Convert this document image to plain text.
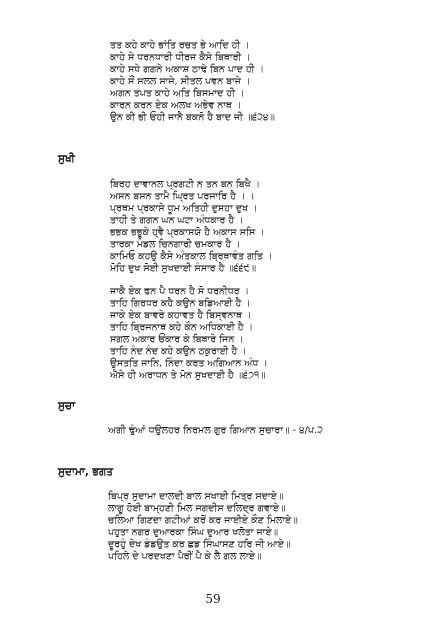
ਤਤ ਕਹੇ ਕਾਹੇ ਭਾਂਤਿ ਰਚਤ ਭੇ ਆਦਿ ਹੀ ।
ਕਾਹੇ ਸੇ ਧਰਨਧਾਰੀ ਧੀਰਜ ਕੈਸੇ ਬਿਥਾਰੀ ।
ਕਾਹੇ ਸਧੇ ਗਗਨੇ ਅਕਾਸ਼ ਠਾਢੇ ਬਿਨ ਪਾਦ ਹੀ ।
ਕਾਹੇ ਸੌਂ ਸਲਲ ਸਾਜੇ, ਸੀਤਲ ਪਵਨ ਬਾਜੇ ।
ਅਗਨ ਤਪਤ ਕਾਹੇ ਅਤਿ ਬਿਸਮਾਦ ਹੀ ।
ਕਾਰਨ ਕਰਨ ਏਕ ਅਲਖ ਅਭੇਵ ਨਾਥ ।
ਉਨ ਕੀ ਭੀ ਓਹੀ ਜਾਨੈ ਬਕਨੋ ਹੈ ਬਾਦ ਜੀ ॥੬੨੪॥
ਸੁਖੀ
ਬਿਰਹ ਦਾਵਾਨਲ ਪ੍ਰਗਟੀ ਨ ਤਨ ਬਨ ਬਿਖੈ ।
ਅਸਨ ਬਸਨ ਤਾਮੈ ਘ੍ਰਿਤ ਪਰਜਾਰਿ ਹੈ । ।
ਪ੍ਰਥਮ ਪ੍ਰਕਾਸੇ ਧੂਮ ਅਤਿਹੀ ਦੁਸਹਾ ਦੁਖ ।
ਤਾਹੀ ਤੇ ਗਗਨ ਘਨ ਘਟਾ ਅੰਧਕਾਰ ਹੈ ।
ਭਭਕ ਭਭੂਕੇ ਹ੍ਵੈ ਪ੍ਰਕਾਸਯੋ ਹੈ ਅਕਾਸ ਸਸਿ ।
ਤਾਰਕਾ ਮੰਡਲ ਚਿਨਗਾਰੀ ਚਮਕਾਰ ਹੈ ।
ਕਾਮਿਓ ਕਹਉ ਕੈਸੇ ਅੰਤਕਾਲ ਬ੍ਰਿਥਾਵੰਤ ਗਤਿ ।
ਮੋਹਿ ਦੁਖ ਸੋਈ ਸੁਖਦਾਈ ਸੰਸਾਰ ਹੈ ॥੬੬੯॥
ਜਾਕੈ ਏਕ ਫਨ ਪੈ ਧਰਨ ਹੈ ਸੋ ਧਰਨੀਧਰ ।
ਤਾਹਿ ਗਿਰਧਰ ਕਹੈ ਕਉਨ ਬਡਿਆਈ ਹੈ ।
ਜਾਕੇ ਏਕ ਬਾਵਰੇ ਕਹਾਵਤ ਹੈ ਬਿਸ੍ਵਨਾਥ ।
ਤਾਹਿ ਬ੍ਰਿਜਨਾਥ ਕਹੇ ਕੌਨ ਅਧਿਕਾਈ ਹੈ ।
ਸਗਲ ਅਕਾਰ ਓਂਕਾਰ ਕੇ ਬਿਥਾਰੇ ਜਿਨ ।
ਤਾਹਿ ਨੰਦ ਨੰਦ ਕਹੇ ਕਉਨ ਠਕੁਰਾਈ ਹੈ ।
ਉਸਤਤਿ ਜਾਨਿ, ਨਿੰਦਾ ਕਰਤ ਅਗਿਆਨ ਅੰਧ ।
ਐਸੇ ਹੀ ਅਰਾਧਨ ਤੇ ਮੋਨ ਸੁਖਦਾਈ ਹੈ ॥੬੭੧॥
ਸੁਚਾ
ਅਗੀ ਢੁੰਆਂ ਧਉਲਹਰ ਨਿਰਮਲ ਗੁਰ ਗਿਆਨ ਸੁਚਾਰਾ॥ - ੪/ਪ.੨
ਸੁਦਾਮਾ, ਭਗਤ
ਬਿਪ੍ਰ ਸੁਦਾਮਾ ਦਾਲਦੀ ਬਾਲ ਸਖਾਈ ਮਿਤ੍ਰ ਸਦਾਏ॥
ਲਾਗੂ ਹੋਈ ਬਾਮ੍ਹਣੀ ਮਿਲ ਜਗਦੀਸ ਦਲਿਦ੍ਰ ਗਵਾਏ॥
ਚਲਿਆ ਗਿਣਦਾ ਗਟੀਆਂ ਕਰੋਂ ਕਰ ਜਾਈਏ ਕੌਣ ਮਿਲਾਏ॥
ਪਹੁਤਾ ਨਗਰ ਦੁਆਰਕਾ ਸਿੰਘ ਦੁਆਰ ਖਲੋਤਾ ਜਾਏ॥
ਦੂਰਹੁੰ ਦੇਖ ਡੰਡਉਤ ਕਰ ਛਡ ਸਿੰਘਾਸਣ ਹਰਿ ਜੀ ਆਏ॥
ਪਹਿਲੇ ਦੇ ਪਰਦਖਣਾ ਪੈਰੀਂ ਪੈ ਕੇ ਲੈ ਗਲ ਲਾਏ॥
59
